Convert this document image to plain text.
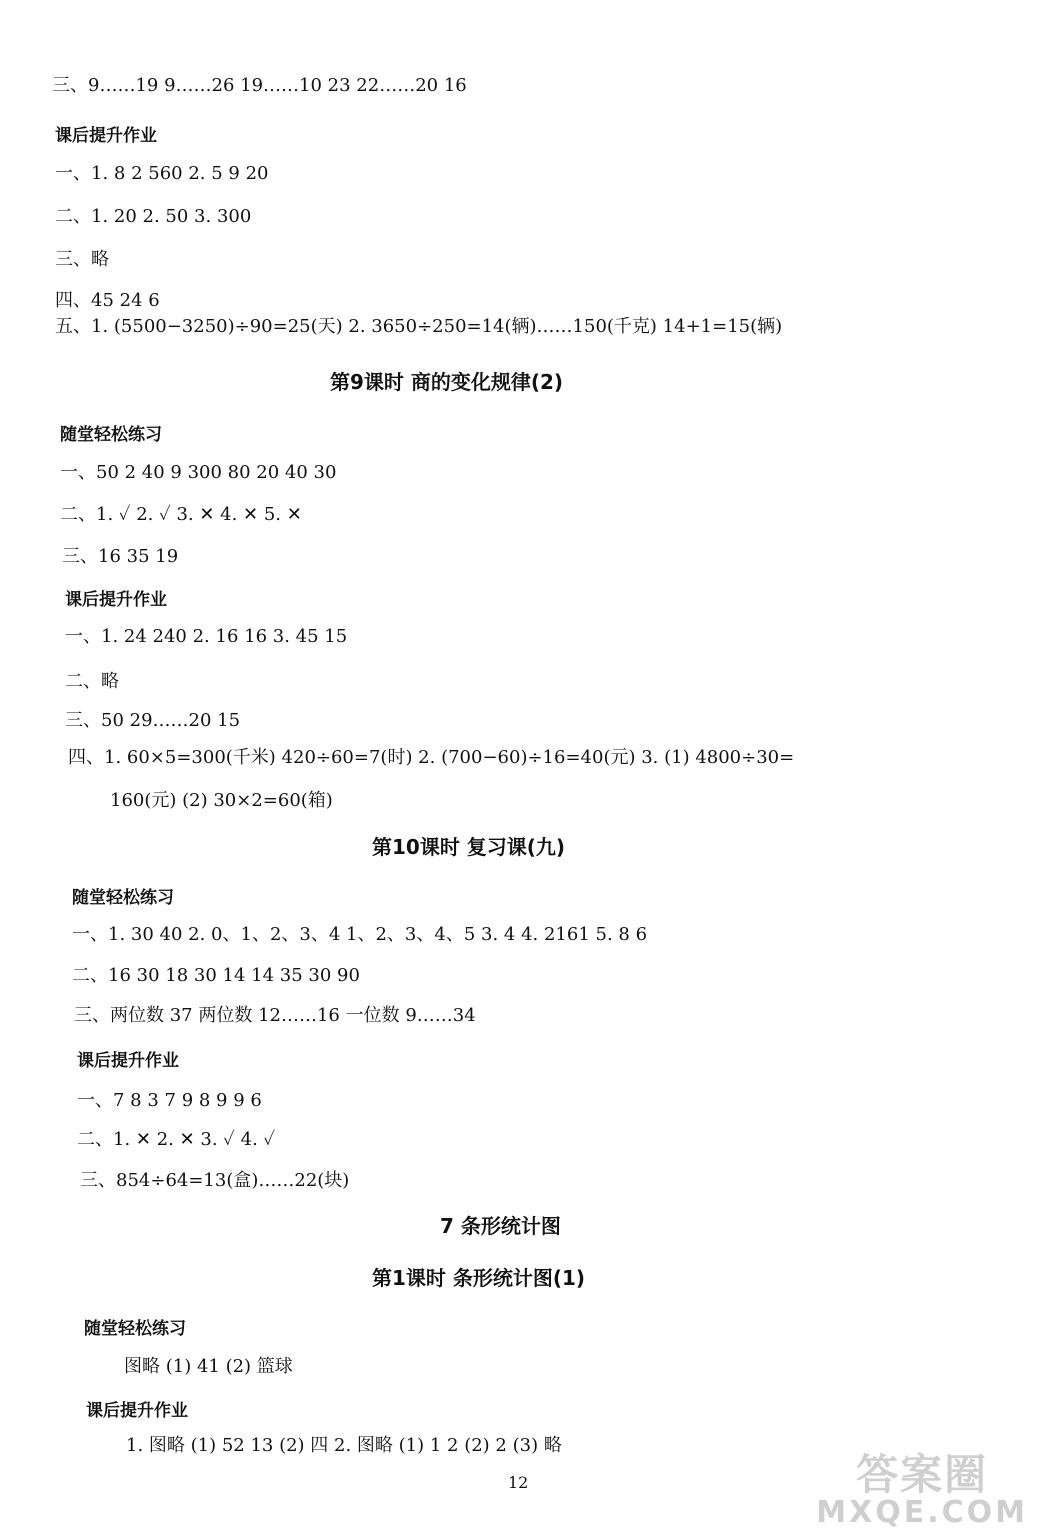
三、9……19 9……26 19……10 23 22……20 16
课后提升作业
一、1. 8 2 560 2. 5 9 20
二、1. 20 2. 50 3. 300
三、略
四、45 24 6
五、1. (5500−3250)÷90=25(天) 2. 3650÷250=14(辆)……150(千克) 14+1=15(辆)
第9课时 商的变化规律(2)
随堂轻松练习
一、50 2 40 9 300 80 20 40 30
二、1. ✓ 2. ✓ 3. ✕ 4. ✕ 5. ✕
三、16 35 19
课后提升作业
一、1. 24 240 2. 16 16 3. 45 15
二、略
三、50 29……20 15
四、1. 60×5=300(千米) 420÷60=7(时) 2. (700−60)÷16=40(元) 3. (1) 4800÷30=
160(元) (2) 30×2=60(箱)
第10课时 复习课(九)
随堂轻松练习
一、1. 30 40 2. 0、1、2、3、4 1、2、3、4、5 3. 4 4. 2161 5. 8 6
二、16 30 18 30 14 14 35 30 90
三、两位数 37 两位数 12……16 一位数 9……34
课后提升作业
一、7 8 3 7 9 8 9 9 6
二、1. ✕ 2. ✕ 3. ✓ 4. ✓
三、854÷64=13(盒)……22(块)
7 条形统计图
第1课时 条形统计图(1)
随堂轻松练习
图略 (1) 41 (2) 篮球
课后提升作业
1. 图略 (1) 52 13 (2) 四 2. 图略 (1) 1 2 (2) 2 (3) 略
12	答案圈
MXQE.COM
